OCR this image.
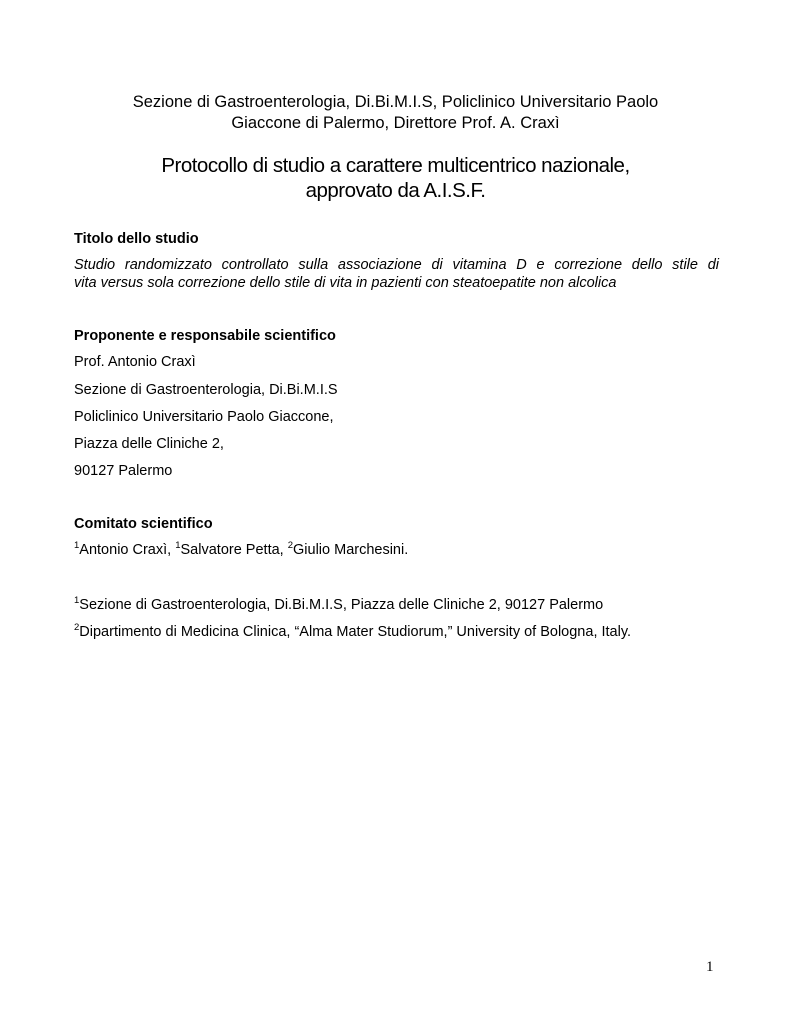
Sezione di Gastroenterologia, Di.Bi.M.I.S, Policlinico Universitario Paolo
Giaccone di Palermo, Direttore Prof. A. Craxì
Protocollo di studio a carattere multicentrico nazionale,
approvato da A.I.S.F.
Titolo dello studio
Studio randomizzato controllato sulla associazione di vitamina D e correzione dello stile di
vita versus sola correzione dello stile di vita in pazienti con steatoepatite non alcolica
Proponente e responsabile scientifico
Prof. Antonio Craxì
Sezione di Gastroenterologia, Di.Bi.M.I.S
Policlinico Universitario Paolo Giaccone,
Piazza delle Cliniche 2,
90127 Palermo
Comitato scientifico
$^1$Antonio Craxì, $^1$Salvatore Petta, $^2$Giulio Marchesini.
$^1$Sezione di Gastroenterologia, Di.Bi.M.I.S, Piazza delle Cliniche 2, 90127 Palermo
$^2$Dipartimento di Medicina Clinica, “Alma Mater Studiorum,” University of Bologna, Italy.
1
